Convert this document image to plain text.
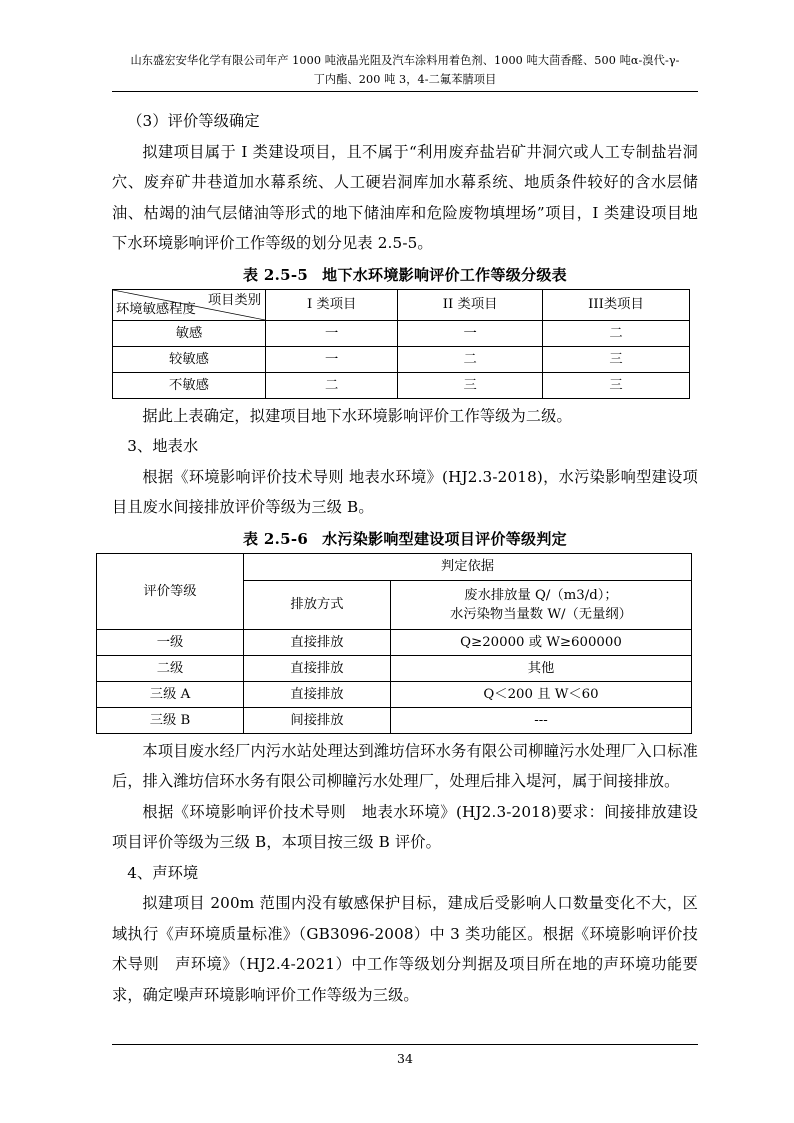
山东盛宏安华化学有限公司年产 1000 吨液晶光阻及汽车涂料用着色剂、1000 吨大茴香醛、500 吨α-溴代-γ-
丁内酯、200 吨 3，4-二氟苯腈项目

（3）评价等级确定

拟建项目属于 I 类建设项目，且不属于“利用废弃盐岩矿井洞穴或人工专制盐岩洞穴、废弃矿井巷道加水幕系统、人工硬岩洞库加水幕系统、地质条件较好的含水层储油、枯竭的油气层储油等形式的地下储油库和危险废物填埋场”项目，I 类建设项目地下水环境影响评价工作等级的划分见表 2.5-5。

表 2.5-5 地下水环境影响评价工作等级分级表
项目类别
环境敏感程度	I 类项目	II 类项目	III类项目
敏感	一	一	二
较敏感	一	二	三
不敏感	二	三	三

据此上表确定，拟建项目地下水环境影响评价工作等级为二级。

3、地表水

根据《环境影响评价技术导则 地表水环境》(HJ2.3-2018)，水污染影响型建设项目且废水间接排放评价等级为三级 B。

表 2.5-6 水污染影响型建设项目评价等级判定
评价等级	判定依据	
	排放方式	废水排放量 Q/（m3/d）；
水污染物当量数 W/（无量纲）

一级	直接排放	Q≥20000 或 W≥600000
二级	直接排放	其他
三级 A	直接排放	Q＜200 且 W＜60
三级 B	间接排放	---

本项目废水经厂内污水站处理达到潍坊信环水务有限公司柳瞳污水处理厂入口标准后，排入潍坊信环水务有限公司柳瞳污水处理厂，处理后排入堤河，属于间接排放。

根据《环境影响评价技术导则　地表水环境》(HJ2.3-2018)要求：间接排放建设项目评价等级为三级 B，本项目按三级 B 评价。

4、声环境

拟建项目 200m 范围内没有敏感保护目标，建成后受影响人口数量变化不大，区域执行《声环境质量标准》（GB3096-2008）中 3 类功能区。根据《环境影响评价技术导则　声环境》（HJ2.4-2021）中工作等级划分判据及项目所在地的声环境功能要求，确定噪声环境影响评价工作等级为三级。

34
